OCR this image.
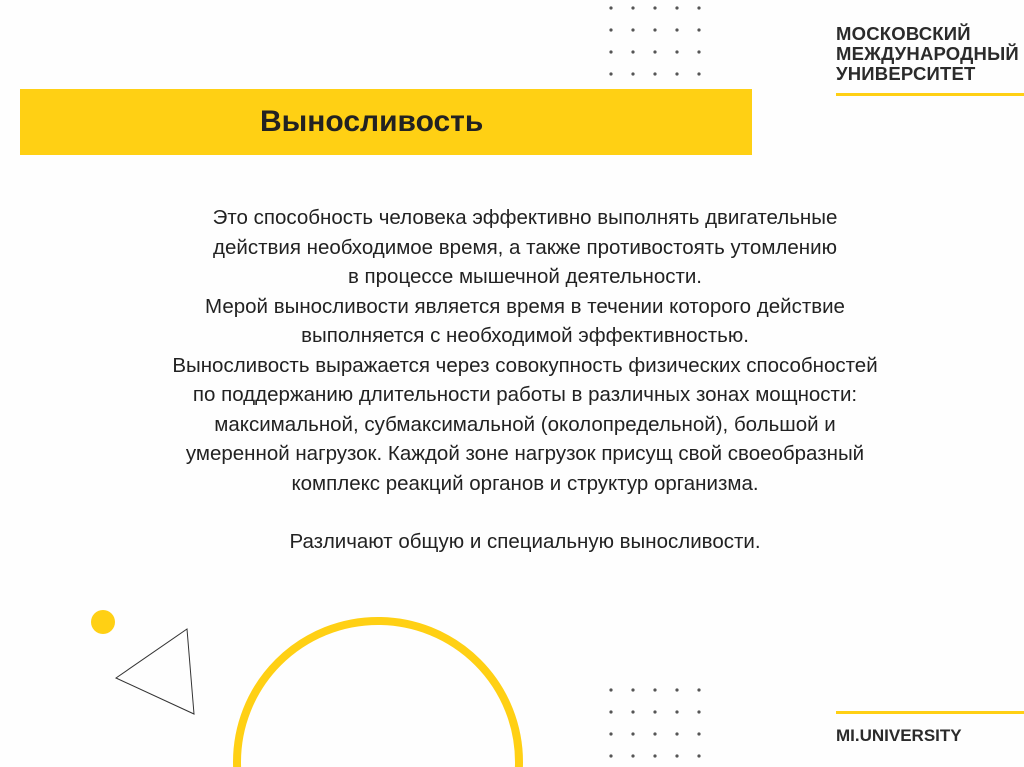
Выносливость
МОСКОВСКИЙ
МЕЖДУНАРОДНЫЙ
УНИВЕРСИТЕТ

Это способность человека эффективно выполнять двигательные

действия необходимое время, а также противостоять утомлению

в процессе мышечной деятельности.

Мерой выносливости является время в течении которого действие

выполняется с необходимой эффективностью.

Выносливость выражается через совокупность физических способностей

по поддержанию длительности работы в различных зонах мощности:

максимальной, субмаксимальной (околопредельной), большой и

умеренной нагрузок. Каждой зоне нагрузок присущ свой своеобразный

комплекс реакций органов и структур организма.

Различают общую и специальную выносливости.

MI.UNIVERSITY
